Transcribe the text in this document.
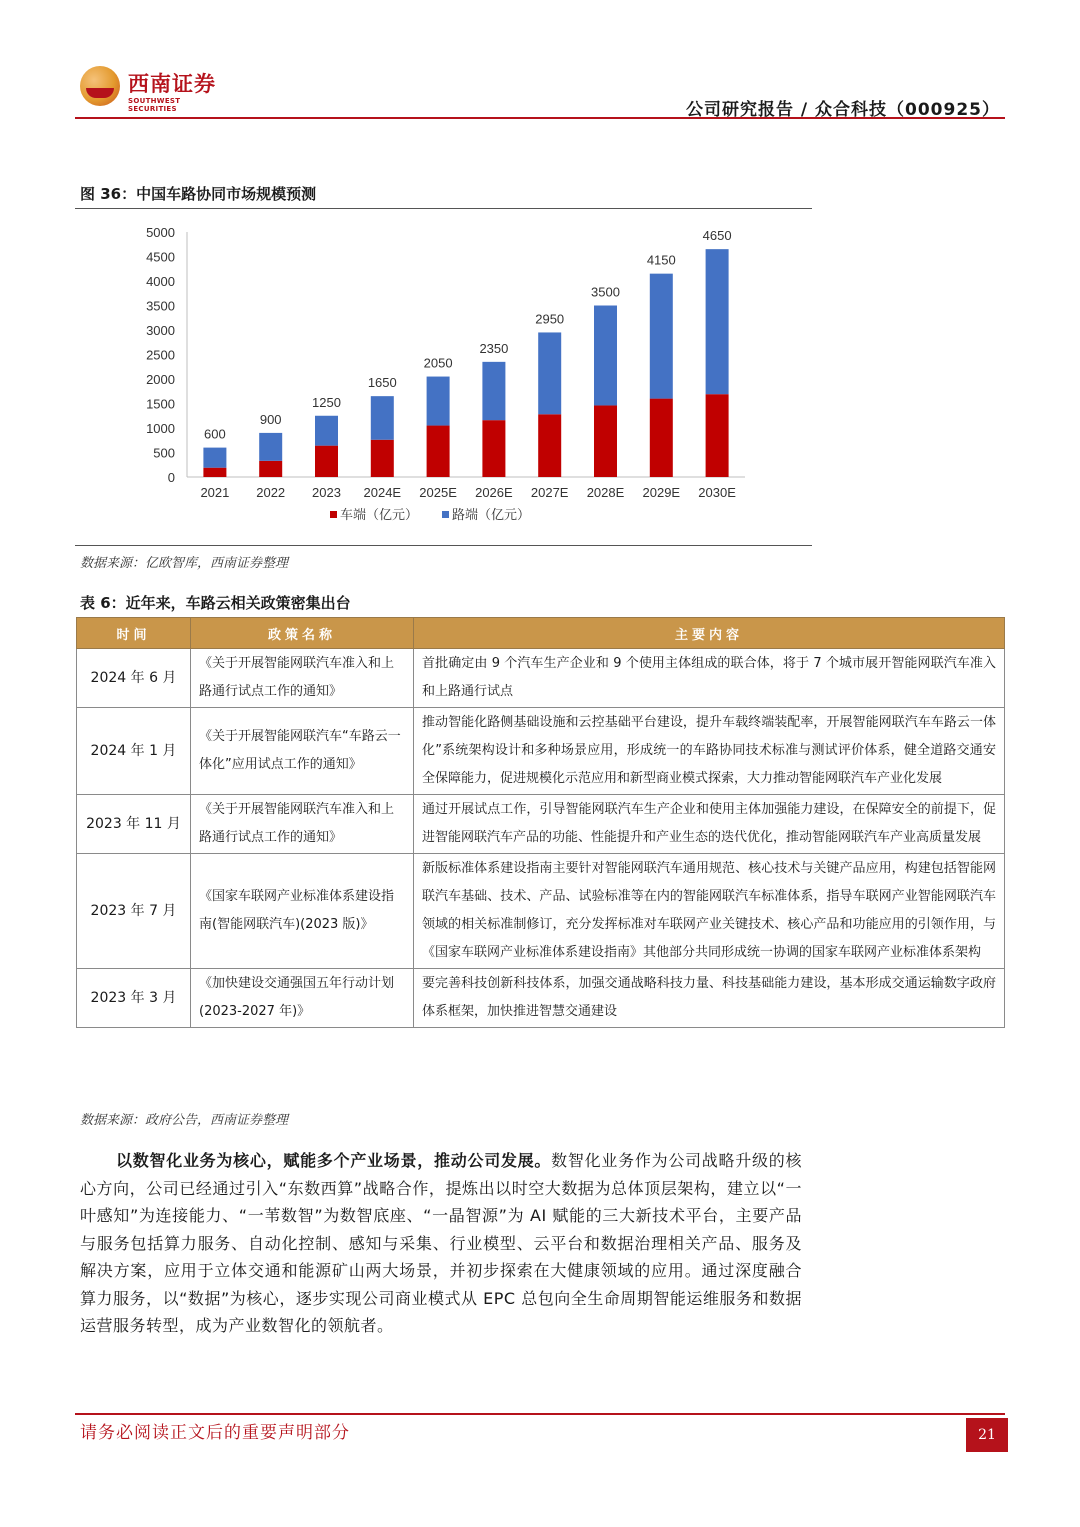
西南证券
SOUTHWEST SECURITIES	公司研究报告 / 众合科技（000925）
图 36：中国车路协同市场规模预测
0
500
1000
1500
2000
2500
3000
3500
4000
4500
5000
600
2021
900
2022
1250
2023
1650
2024E
2050
2025E
2350
2026E
2950
2027E
3500
2028E
4150
2029E
4650
2030E
车端（亿元）	路端（亿元）
数据来源：亿欧智库，西南证券整理
表 6：近年来，车路云相关政策密集出台
时间	政策名称	主要内容
2024 年 6 月	《关于开展智能网联汽车准入和上路通行试点工作的通知》	首批确定由 9 个汽车生产企业和 9 个使用主体组成的联合体，将于 7 个城市展开智能网联汽车准入和上路通行试点
2024 年 1 月	《关于开展智能网联汽车“车路云一体化”应用试点工作的通知》	推动智能化路侧基础设施和云控基础平台建设，提升车载终端装配率，开展智能网联汽车车路云一体化”系统架构设计和多种场景应用，形成统一的车路协同技术标准与测试评价体系，健全道路交通安全保障能力，促进规模化示范应用和新型商业模式探索，大力推动智能网联汽车产业化发展
2023 年 11 月	《关于开展智能网联汽车准入和上路通行试点工作的通知》	通过开展试点工作，引导智能网联汽车生产企业和使用主体加强能力建设，在保障安全的前提下，促进智能网联汽车产品的功能、性能提升和产业生态的迭代优化，推动智能网联汽车产业高质量发展
2023 年 7 月	《国家车联网产业标准体系建设指南(智能网联汽车)(2023 版)》	新版标准体系建设指南主要针对智能网联汽车通用规范、核心技术与关键产品应用，构建包括智能网联汽车基础、技术、产品、试验标准等在内的智能网联汽车标准体系，指导车联网产业智能网联汽车领域的相关标准制修订，充分发挥标准对车联网产业关键技术、核心产品和功能应用的引领作用，与《国家车联网产业标准体系建设指南》其他部分共同形成统一协调的国家车联网产业标准体系架构
2023 年 3 月	《加快建设交通强国五年行动计划(2023-2027 年)》	要完善科技创新科技体系，加强交通战略科技力量、科技基础能力建设，基本形成交通运输数字政府体系框架，加快推进智慧交通建设
数据来源：政府公告，西南证券整理
以数智化业务为核心，赋能多个产业场景，推动公司发展。数智化业务作为公司战略升级的核心方向，公司已经通过引入“东数西算”战略合作，提炼出以时空大数据为总体顶层架构，建立以“一叶感知”为连接能力、“一苇数智”为数智底座、“一晶智源”为 AI 赋能的三大新技术平台，主要产品与服务包括算力服务、自动化控制、感知与采集、行业模型、云平台和数据治理相关产品、服务及解决方案，应用于立体交通和能源矿山两大场景，并初步探索在大健康领域的应用。通过深度融合算力服务，以“数据”为核心，逐步实现公司商业模式从 EPC 总包向全生命周期智能运维服务和数据运营服务转型，成为产业数智化的领航者。
请务必阅读正文后的重要声明部分	21
